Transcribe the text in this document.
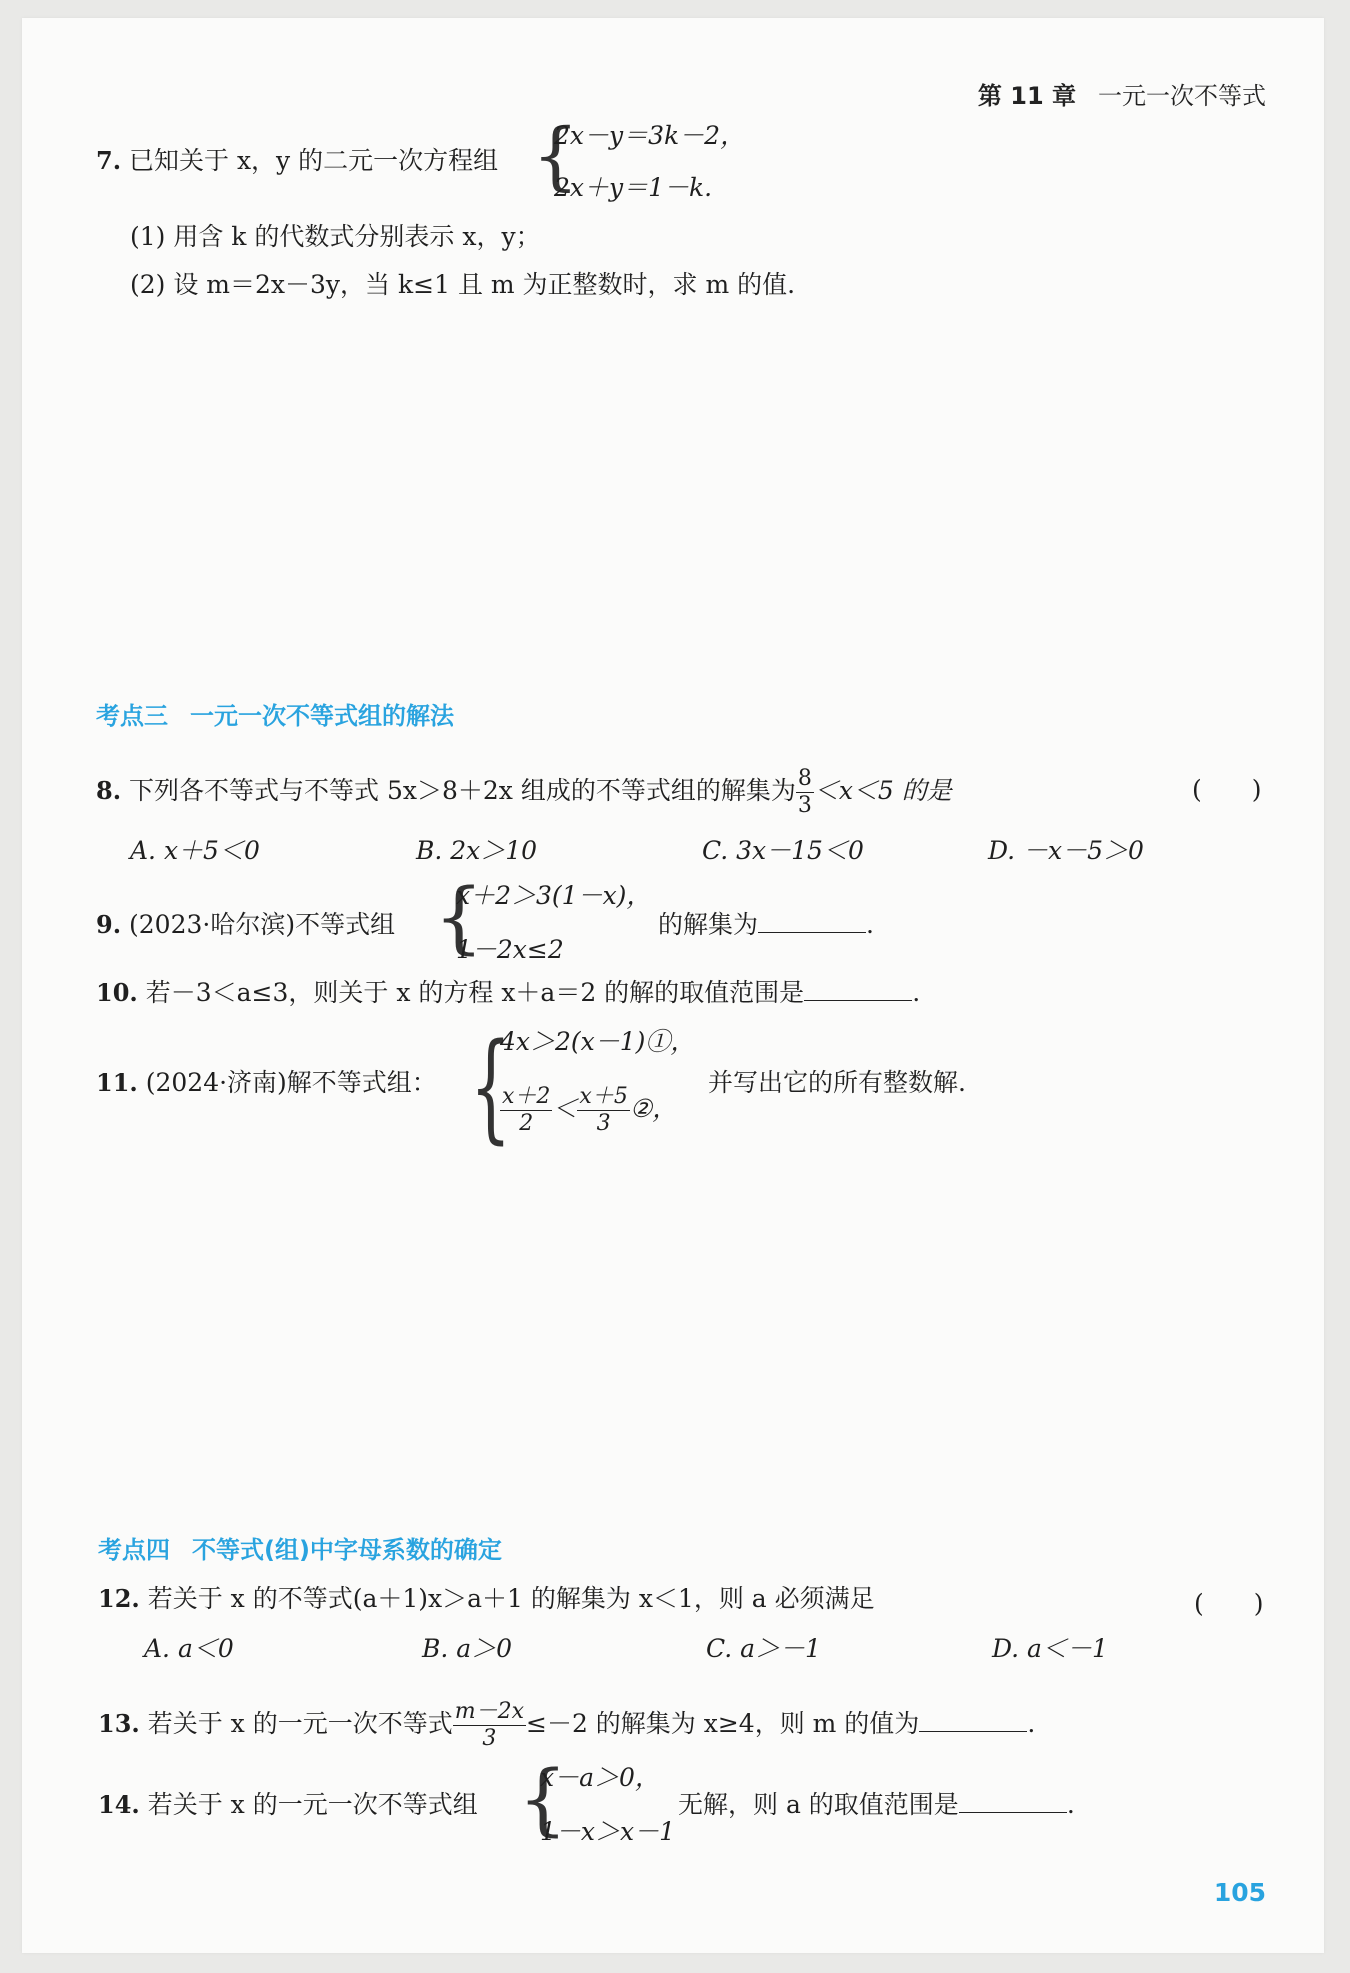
第 11 章 一元一次不等式
7. 已知关于 x，y 的二元一次方程组 {
2x－y＝3k－2，
2x＋y＝1－k.
(1) 用含 k 的代数式分别表示 x，y；
(2) 设 m＝2x－3y，当 k≤1 且 m 为正整数时，求 m 的值.
考点三 一元一次不等式组的解法
8. 下列各不等式与不等式 5x＞8＋2x 组成的不等式组的解集为 $\frac{8}{3} <x<5$ 的是	(　　)
A. x＋5＜0	B. 2x＞10	C. 3x－15＜0	D. －x－5＞0
9. (2023·哈尔滨)不等式组 {
x＋2＞3(1－x)，
1－2x≤2
的解集为	.
10. 若－3＜a≤3，则关于 x 的方程 x＋a＝2 的解的取值范围是	.
11. (2024·济南)解不等式组： {
4x＞2(x－1)①，
$\frac{x+2}{2} < \frac{x+5}{3}$ ②，
并写出它的所有整数解.
考点四 不等式(组)中字母系数的确定
12. 若关于 x 的不等式(a＋1)x＞a＋1 的解集为 x＜1，则 a 必须满足	(　　)
A. a＜0	B. a＞0	C. a＞－1	D. a＜－1
13. 若关于 x 的一元一次不等式 $\frac{m-2x}{3} \le-2$ 的解集为 x≥4，则 m 的值为	.
14. 若关于 x 的一元一次不等式组 {
x－a＞0，
1－x＞x－1
无解，则 a 的取值范围是	.
105
